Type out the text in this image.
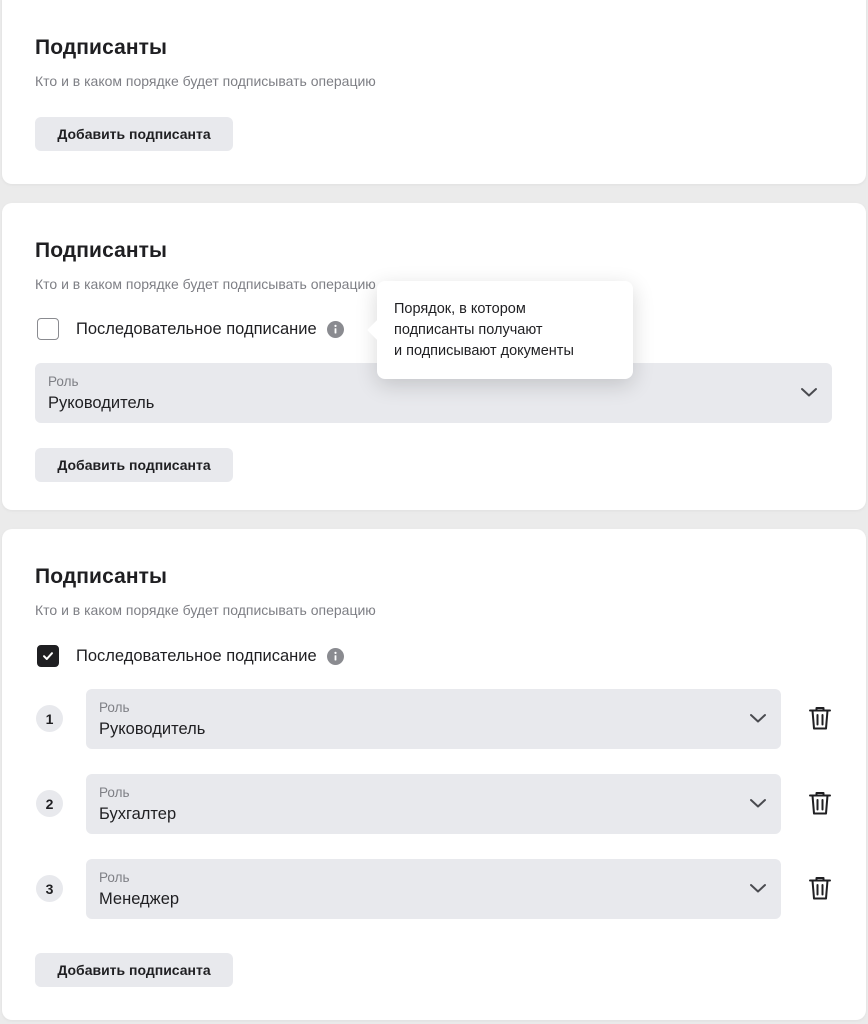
Подписанты
Кто и в каком порядке будет подписывать операцию
Добавить подписанта
Подписанты
Кто и в каком порядке будет подписывать операцию
Последовательное подписание
Роль
Руководитель
Добавить подписанта
Порядок, в котором
подписанты получают
и подписывают документы
Подписанты
Кто и в каком порядке будет подписывать операцию
Последовательное подписание
1
Роль
Руководитель
2
Роль
Бухгалтер
3
Роль
Менеджер
Добавить подписанта
